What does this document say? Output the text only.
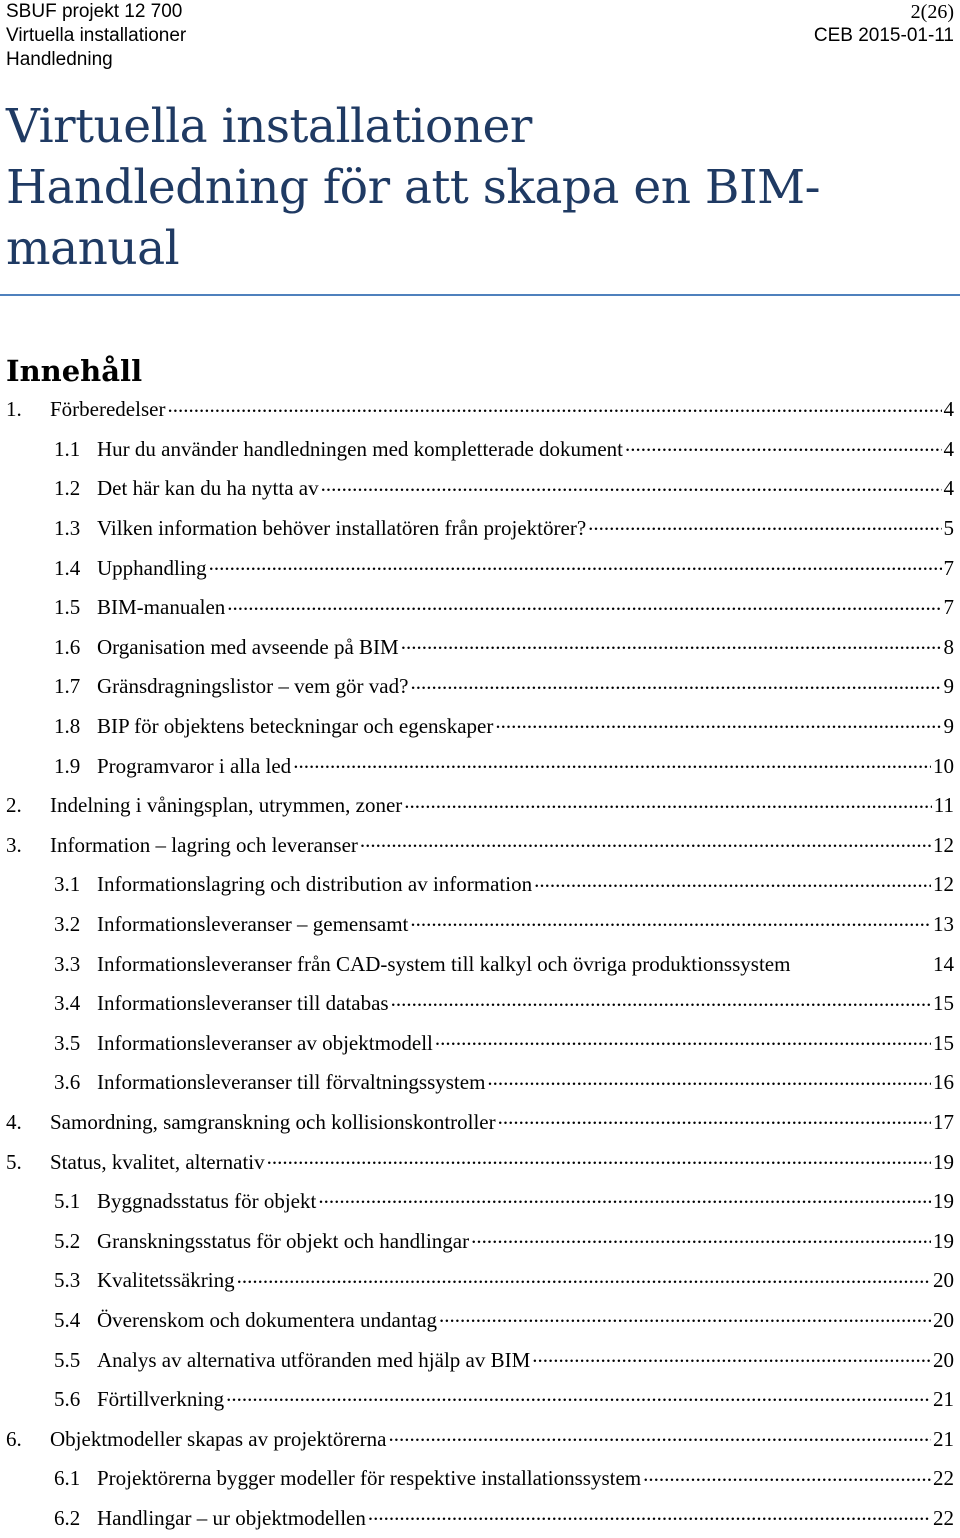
SBUF projekt 12 700	2(26)
Virtuella installationer	CEB 2015-01-11
Handledning
Virtuella installationer
Handledning för att skapa en BIM-
manual
Innehåll
1.	Förberedelser .....	4
1.1 Hur du använder handledningen med kompletterade dokument .....	4
1.2 Det här kan du ha nytta av .....	4
1.3 Vilken information behöver installatören från projektörer? .....	5
1.4 Upphandling .....	7
1.5 BIM-manualen .....	7
1.6 Organisation med avseende på BIM .....	8
1.7 Gränsdragningslistor – vem gör vad? .....	9
1.8 BIP för objektens beteckningar och egenskaper .....	9
1.9 Programvaror i alla led .....	10
2.	Indelning i våningsplan, utrymmen, zoner .....	11
3.	Information – lagring och leveranser .....	12
3.1 Informationslagring och distribution av information .....	12
3.2 Informationsleveranser – gemensamt .....	13
3.3 Informationsleveranser från CAD-system till kalkyl och övriga produktionssystem	14
3.4 Informationsleveranser till databas .....	15
3.5 Informationsleveranser av objektmodell .....	15
3.6 Informationsleveranser till förvaltningssystem .....	16
4.	Samordning, samgranskning och kollisionskontroller .....	17
5.	Status, kvalitet, alternativ .....	19
5.1 Byggnadsstatus för objekt .....	19
5.2 Granskningsstatus för objekt och handlingar .....	19
5.3 Kvalitetssäkring .....	20
5.4 Överenskom och dokumentera undantag .....	20
5.5 Analys av alternativa utföranden med hjälp av BIM .....	20
5.6 Förtillverkning .....	21
6.	Objektmodeller skapas av projektörerna .....	21
6.1 Projektörerna bygger modeller för respektive installationssystem .....	22
6.2 Handlingar – ur objektmodellen .....	22
